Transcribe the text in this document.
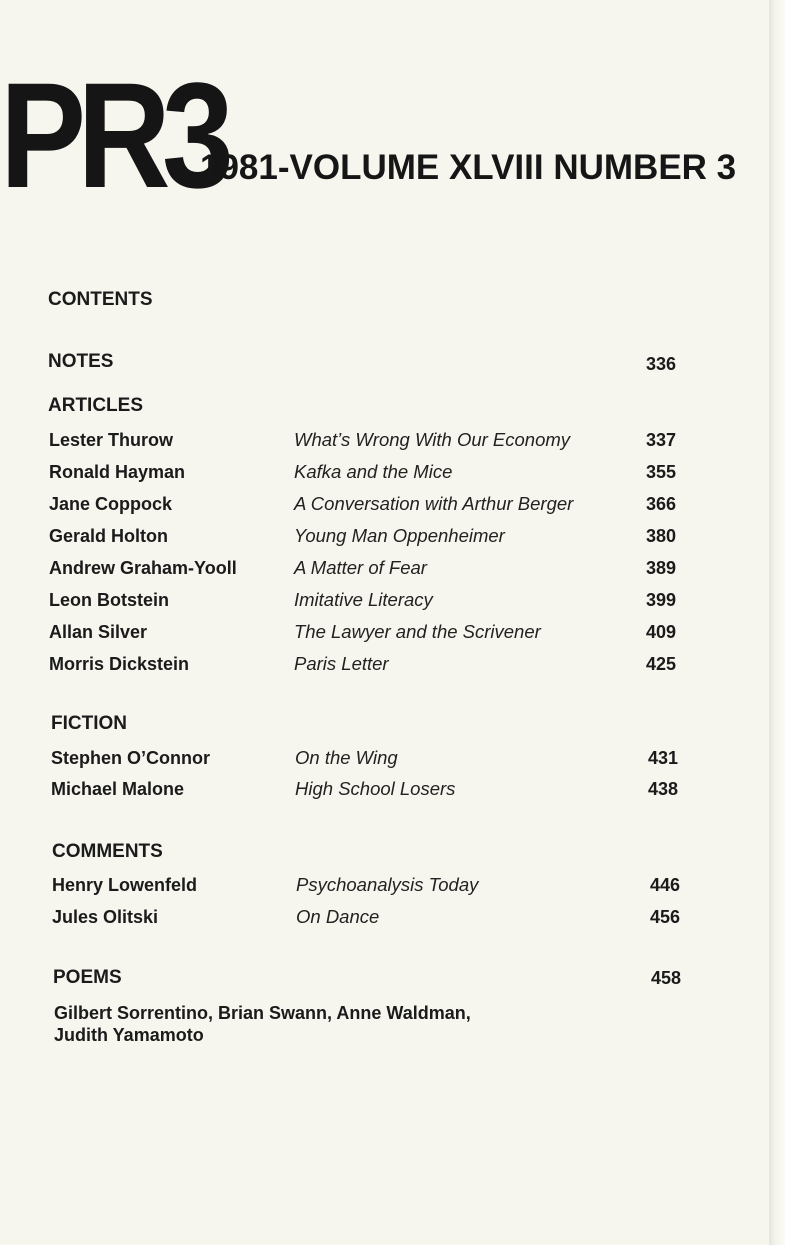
PR3
1981-VOLUME XLVIII NUMBER 3
CONTENTS
NOTES	336
ARTICLES
Lester Thurow	What’s Wrong With Our Economy	337
Ronald Hayman	Kafka and the Mice	355
Jane Coppock	A Conversation with Arthur Berger	366
Gerald Holton	Young Man Oppenheimer	380
Andrew Graham-Yooll	A Matter of Fear	389
Leon Botstein	Imitative Literacy	399
Allan Silver	The Lawyer and the Scrivener	409
Morris Dickstein	Paris Letter	425
FICTION
Stephen O’Connor	On the Wing	431
Michael Malone	High School Losers	438
COMMENTS
Henry Lowenfeld	Psychoanalysis Today	446
Jules Olitski	On Dance	456
POEMS	458
Gilbert Sorrentino, Brian Swann, Anne Waldman,
Judith Yamamoto
